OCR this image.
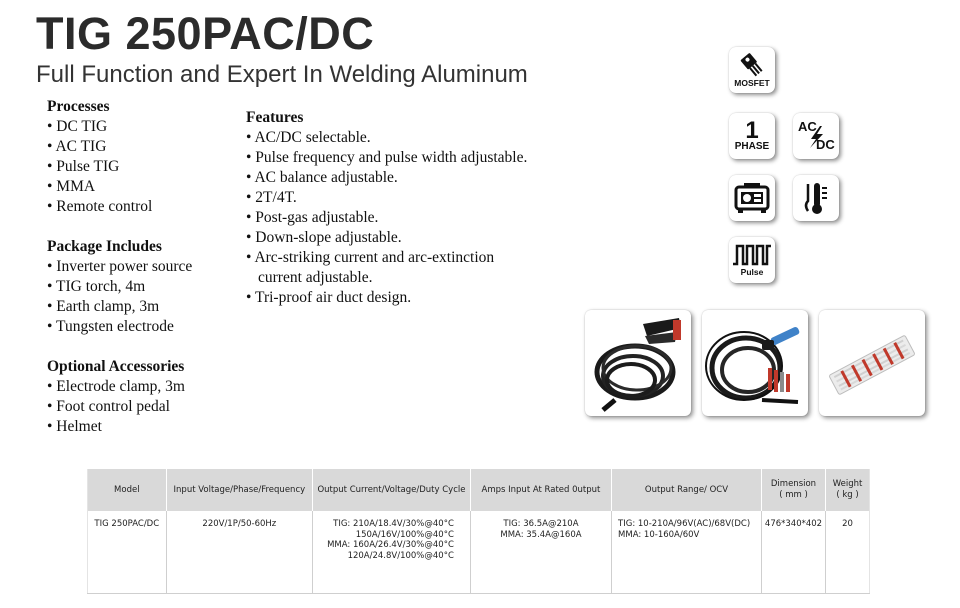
TIG 250PAC/DC
Full Function and Expert In Welding Aluminum
Processes
• DC TIG
• AC TIG
• Pulse TIG
• MMA
• Remote control
Package Includes
• Inverter power source
• TIG torch, 4m
• Earth clamp, 3m
• Tungsten electrode
Optional Accessories
• Electrode clamp, 3m
• Foot control pedal
• Helmet
Features
• AC/DC selectable.
• Pulse frequency and pulse width adjustable.
• AC balance adjustable.
• 2T/4T.
• Post-gas adjustable.
• Down-slope adjustable.
• Arc-striking current and arc-extinction
current adjustable.
• Tri-proof air duct design.
MOSFET
1
PHASE
AC
DC
Pulse
Model	Input Voltage/Phase/Frequency	Output Current/Voltage/Duty Cycle	Amps Input At Rated 0utput	Output Range/ OCV	Dimension
( mm )	Weight
( kg )

TIG 250PAC/DC	220V/1P/50-60Hz	TIG: 210A/18.4V/30%@40°C
150A/16V/100%@40°C
MMA: 160A/26.4V/30%@40°C
120A/24.8V/100%@40°C	TIG: 36.5A@210A
MMA: 35.4A@160A	TIG: 10-210A/96V(AC)/68V(DC)
MMA: 10-160A/60V	476*340*402	20
